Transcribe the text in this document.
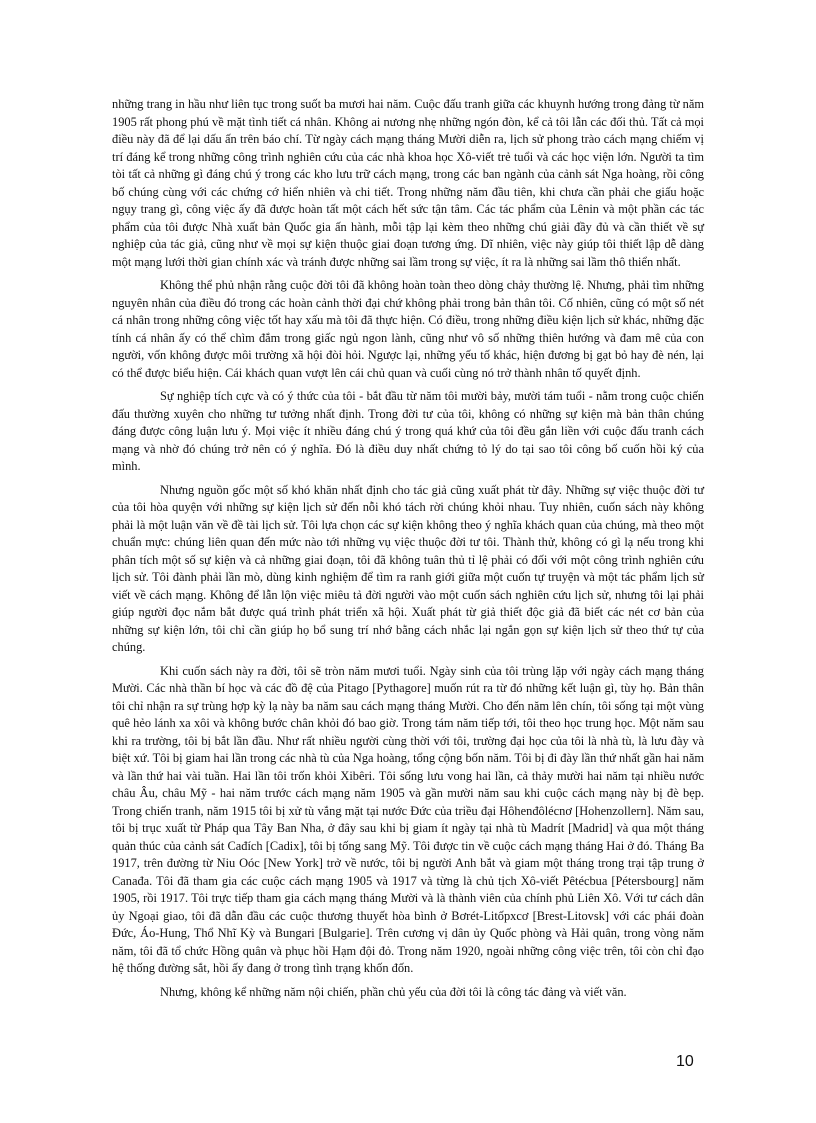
những trang in hầu như liên tục trong suốt ba mươi hai năm. Cuộc đấu tranh giữa các khuynh hướng trong đảng từ năm 1905 rất phong phú về mặt tình tiết cá nhân. Không ai nương nhẹ những ngón đòn, kể cả tôi lẫn các đối thủ. Tất cả mọi điều này đã để lại dấu ấn trên báo chí. Từ ngày cách mạng tháng Mười diễn ra, lịch sử phong trào cách mạng chiếm vị trí đáng kể trong những công trình nghiên cứu của các nhà khoa học Xô-viết trẻ tuổi và các học viện lớn. Người ta tìm tòi tất cả những gì đáng chú ý trong các kho lưu trữ cách mạng, trong các ban ngành của cảnh sát Nga hoàng, rồi công bố chúng cùng với các chứng cớ hiển nhiên và chi tiết. Trong những năm đầu tiên, khi chưa cần phải che giấu hoặc ngụy trang gì, công việc ấy đã được hoàn tất một cách hết sức tận tâm. Các tác phẩm của Lênin và một phần các tác phẩm của tôi được Nhà xuất bản Quốc gia ấn hành, mỗi tập lại kèm theo những chú giải đầy đủ và cần thiết về sự nghiệp của tác giả, cũng như về mọi sự kiện thuộc giai đoạn tương ứng. Dĩ nhiên, việc này giúp tôi thiết lập dễ dàng một mạng lưới thời gian chính xác và tránh được những sai lầm trong sự việc, ít ra là những sai lầm thô thiển nhất.

Không thể phủ nhận rằng cuộc đời tôi đã không hoàn toàn theo dòng chảy thường lệ. Nhưng, phải tìm những nguyên nhân của điều đó trong các hoàn cảnh thời đại chứ không phải trong bản thân tôi. Cố nhiên, cũng có một số nét cá nhân trong những công việc tốt hay xấu mà tôi đã thực hiện. Có điều, trong những điều kiện lịch sử khác, những đặc tính cá nhân ấy có thể chìm đắm trong giấc ngủ ngon lành, cũng như vô số những thiên hướng và đam mê của con người, vốn không được môi trường xã hội đòi hỏi. Ngược lại, những yếu tố khác, hiện đương bị gạt bỏ hay đè nén, lại có thể được biểu hiện. Cái khách quan vượt lên cái chủ quan và cuối cùng nó trở thành nhân tố quyết định.

Sự nghiệp tích cực và có ý thức của tôi - bắt đầu từ năm tôi mười bảy, mười tám tuổi - nằm trong cuộc chiến đấu thường xuyên cho những tư tưởng nhất định. Trong đời tư của tôi, không có những sự kiện mà bản thân chúng đáng được công luận lưu ý. Mọi việc ít nhiều đáng chú ý trong quá khứ của tôi đều gắn liền với cuộc đấu tranh cách mạng và nhờ đó chúng trở nên có ý nghĩa. Đó là điều duy nhất chứng tỏ lý do tại sao tôi công bố cuốn hồi ký của mình.

Nhưng nguồn gốc một số khó khăn nhất định cho tác giả cũng xuất phát từ đây. Những sự việc thuộc đời tư của tôi hòa quyện với những sự kiện lịch sử đến nỗi khó tách rời chúng khỏi nhau. Tuy nhiên, cuốn sách này không phải là một luận văn về đề tài lịch sử. Tôi lựa chọn các sự kiện không theo ý nghĩa khách quan của chúng, mà theo một chuẩn mực: chúng liên quan đến mức nào tới những vụ việc thuộc đời tư tôi. Thành thử, không có gì lạ nếu trong khi phân tích một số sự kiện và cả những giai đoạn, tôi đã không tuân thủ tỉ lệ phải có đối với một công trình nghiên cứu lịch sử. Tôi đành phải lần mò, dùng kinh nghiệm để tìm ra ranh giới giữa một cuốn tự truyện và một tác phẩm lịch sử viết về cách mạng. Không để lẫn lộn việc miêu tả đời người vào một cuốn sách nghiên cứu lịch sử, nhưng tôi lại phải giúp người đọc nắm bắt được quá trình phát triển xã hội. Xuất phát từ giả thiết độc giả đã biết các nét cơ bản của những sự kiện lớn, tôi chỉ cần giúp họ bổ sung trí nhớ bằng cách nhắc lại ngắn gọn sự kiện lịch sử theo thứ tự của chúng.

Khi cuốn sách này ra đời, tôi sẽ tròn năm mươi tuổi. Ngày sinh của tôi trùng lặp với ngày cách mạng tháng Mười. Các nhà thần bí học và các đồ đệ của Pitago [Pythagore] muốn rút ra từ đó những kết luận gì, tùy họ. Bản thân tôi chỉ nhận ra sự trùng hợp kỳ lạ này ba năm sau cách mạng tháng Mười. Cho đến năm lên chín, tôi sống tại một vùng quê hẻo lánh xa xôi và không bước chân khỏi đó bao giờ. Trong tám năm tiếp tới, tôi theo học trung học. Một năm sau khi ra trường, tôi bị bắt lần đầu. Như rất nhiều người cùng thời với tôi, trường đại học của tôi là nhà tù, là lưu đày và biệt xứ. Tôi bị giam hai lần trong các nhà tù của Nga hoàng, tổng cộng bốn năm. Tôi bị đi đày lần thứ nhất gần hai năm và lần thứ hai vài tuần. Hai lần tôi trốn khỏi Xibêri. Tôi sống lưu vong hai lần, cả thảy mười hai năm tại nhiều nước châu Âu, châu Mỹ - hai năm trước cách mạng năm 1905 và gần mười năm sau khi cuộc cách mạng này bị đè bẹp. Trong chiến tranh, năm 1915 tôi bị xử tù vắng mặt tại nước Đức của triều đại Hôhenđôlécnơ [Hohenzollern]. Năm sau, tôi bị trục xuất từ Pháp qua Tây Ban Nha, ở đây sau khi bị giam ít ngày tại nhà tù Madrít [Madrid] và qua một tháng quản thúc của cảnh sát Cađích [Cadix], tôi bị tống sang Mỹ. Tôi được tin về cuộc cách mạng tháng Hai ở đó. Tháng Ba 1917, trên đường từ Niu Oóc [New York] trở về nước, tôi bị người Anh bắt và giam một tháng trong trại tập trung ở Canađa. Tôi đã tham gia các cuộc cách mạng 1905 và 1917 và từng là chủ tịch Xô-viết Pêtécbua [Pétersbourg] năm 1905, rồi 1917. Tôi trực tiếp tham gia cách mạng tháng Mười và là thành viên của chính phủ Liên Xô. Với tư cách dân ủy Ngoại giao, tôi đã dẫn đầu các cuộc thương thuyết hòa bình ở Bơrét-Litốpxcơ [Brest-Litovsk] với các phái đoàn Đức, Áo-Hung, Thổ Nhĩ Kỳ và Bungari [Bulgarie]. Trên cương vị dân ủy Quốc phòng và Hải quân, trong vòng năm năm, tôi đã tổ chức Hồng quân và phục hồi Hạm đội đỏ. Trong năm 1920, ngoài những công việc trên, tôi còn chỉ đạo hệ thống đường sắt, hồi ấy đang ở trong tình trạng khốn đốn.

Nhưng, không kể những năm nội chiến, phần chủ yếu của đời tôi là công tác đảng và viết văn.

10
